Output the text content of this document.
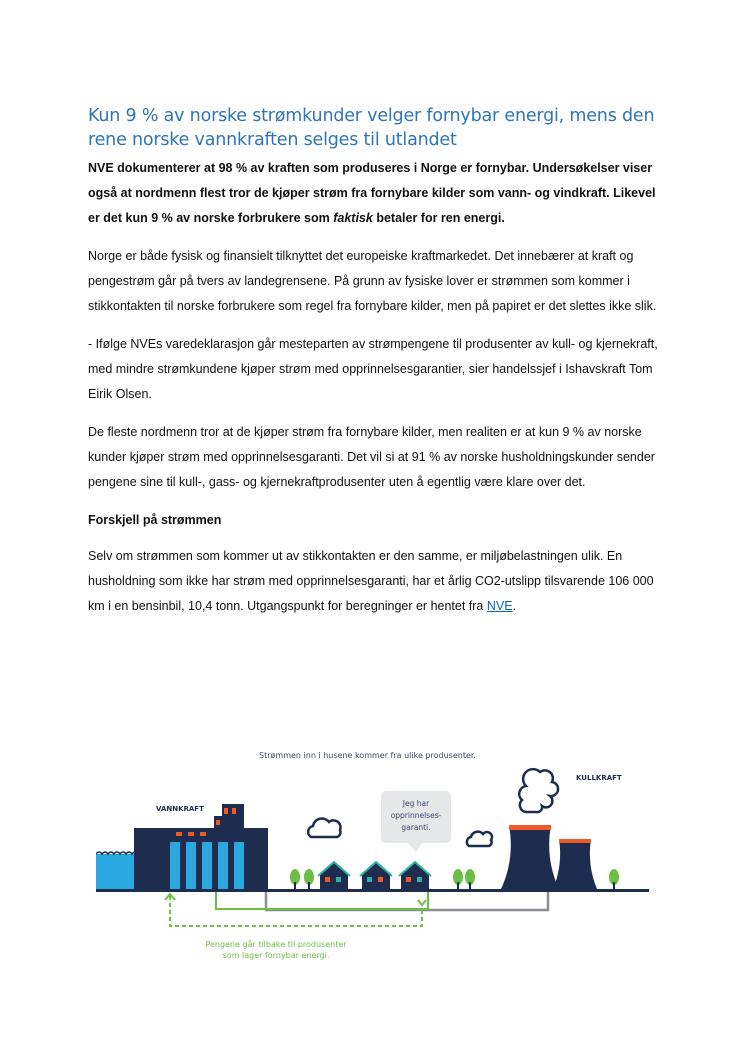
Kun 9 % av norske strømkunder velger fornybar energi, mens den rene norske vannkraften selges til utlandet

NVE dokumenterer at 98 % av kraften som produseres i Norge er fornybar. Undersøkelser viser også at nordmenn flest tror de kjøper strøm fra fornybare kilder som vann- og vindkraft. Likevel er det kun 9 % av norske forbrukere som faktisk betaler for ren energi.

Norge er både fysisk og finansielt tilknyttet det europeiske kraftmarkedet. Det innebærer at kraft og pengestrøm går på tvers av landegrensene. På grunn av fysiske lover er strømmen som kommer i stikkontakten til norske forbrukere som regel fra fornybare kilder, men på papiret er det slettes ikke slik.

- Ifølge NVEs varedeklarasjon går mesteparten av strømpengene til produsenter av kull- og kjernekraft, med mindre strømkundene kjøper strøm med opprinnelsesgarantier, sier handelssjef i Ishavskraft Tom Eirik Olsen.

De fleste nordmenn tror at de kjøper strøm fra fornybare kilder, men realiten er at kun 9 % av norske kunder kjøper strøm med opprinnelsesgaranti. Det vil si at 91 % av norske husholdningskunder sender pengene sine til kull-, gass- og kjernekraftprodusenter uten å egentlig være klare over det.

Forskjell på strømmen

Selv om strømmen som kommer ut av stikkontakten er den samme, er miljøbelastningen ulik. En husholdning som ikke har strøm med opprinnelsesgaranti, har et årlig CO2-utslipp tilsvarende 106 000 km i en bensinbil, 10,4 tonn. Utgangspunkt for beregninger er hentet fra NVE.

Strømmen inn i husene kommer fra ulike produsenter.
VANNKRAFT
KULLKRAFT
Jeg har
opprinnelses-
garanti.
Pengene går tilbake til produsenter
som lager fornybar energi.
